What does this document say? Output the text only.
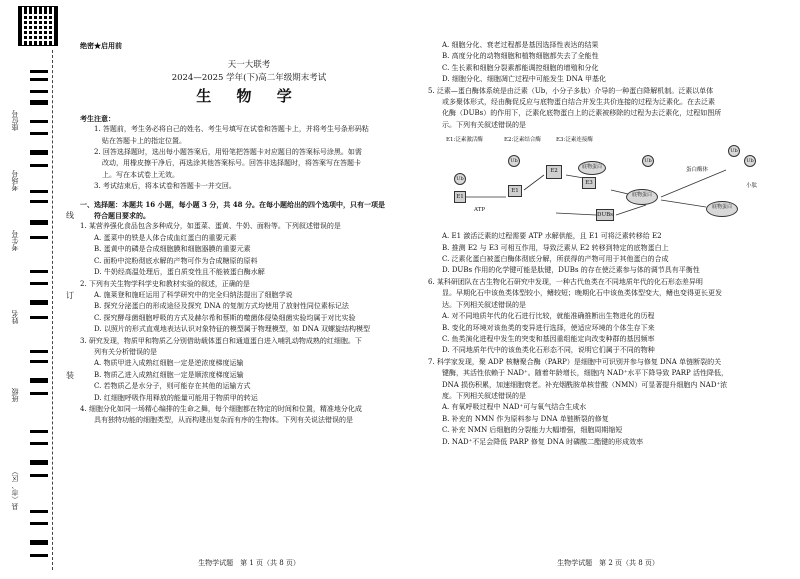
县（市、区）
班级
姓名
考生号
考场号
座位号
线
订
装
绝密★启用前
天一大联考
2024—2025 学年(下)高二年级期末考试
生 物 学
考生注意：
1. 答题前，考生务必将自己的姓名、考生号填写在试卷和答题卡上，并将考生号条形码粘
贴在答题卡上的指定位置。
2. 回答选择题时，选出每小题答案后，用铅笔把答题卡对应题目的答案标号涂黑。如需
改动，用橡皮擦干净后，再选涂其他答案标号。回答非选择题时，将答案写在答题卡
上。写在本试卷上无效。
3. 考试结束后，将本试卷和答题卡一并交回。
一、选择题：本题共 16 小题，每小题 3 分，共 48 分。在每小题给出的四个选项中，只有一项是
符合题目要求的。
1. 某营养强化食品包含多种成分，如蛋菜、蛋黄、牛奶、面粉等。下列叙述错误的是
A. 蛋菜中的铁是人体合成血红蛋白的重要元素
B. 蛋黄中的磷是合成细胞膜和细胞器膜的重要元素
C. 面粉中淀粉彻底水解的产物可作为合成糖原的原料
D. 牛奶经高温处理后，蛋白质变性且不能被蛋白酶水解
2. 下列有关生物学科学史和教材实验的叙述，正确的是
A. 施莱登和施旺运用了科学研究中的完全归纳法提出了细胞学说
B. 探究分泌蛋白的形成途径及探究 DNA 的复制方式均使用了放射性同位素标记法
C. 探究酵母菌细胞呼吸的方式及赫尔希和蔡斯的噬菌体侵染细菌实验均属于对比实验
D. 以照片的形式直观地表达认识对象特征的模型属于物理模型，如 DNA 双螺旋结构模型
3. 研究发现，物质甲和物质乙分别借助载体蛋白和通道蛋白进入哺乳动物成熟的红细胞。下
列有关分析错误的是
A. 物质甲进入成熟红细胞一定是逆浓度梯度运输
B. 物质乙进入成熟红细胞一定是顺浓度梯度运输
C. 若物质乙是水分子，则可能存在其他的运输方式
D. 红细胞呼吸作用释放的能量可能用于物质甲的转运
4. 细胞分化如同一场精心编排的生命之舞，每个细胞都在特定的时间和位置，精准地分化成
具有独特功能的细胞类型，从而构建出复杂而有序的生物体。下列有关说法错误的是
生物学试题　第 1 页（共 8 页）
A. 细胞分化、衰老过程都是基因选择性表达的结果
B. 高度分化的动物细胞和植物细胞都失去了全能性
C. 生长素和细胞分裂素都能调控细胞的增殖和分化
D. 细胞分化、细胞凋亡过程中可能发生 DNA 甲基化
5. 泛素—蛋白酶体系统是由泛素（Ub，小分子多肽）介导的一种蛋白降解机制。泛素以单体
或多聚体形式，经由酶促反应与底物蛋白结合并发生共价连接的过程为泛素化。在去泛素
化酶（DUBs）的作用下，泛素化底物蛋白上的泛素被移除的过程为去泛素化，过程如图所
示。下列有关叙述错误的是
E1:泛素激活酶	E2:泛素结合酶	E3:泛素连接酶
Ub
E1
ATP
Ub
E1
E2
底物蛋白
E3
底物蛋白
Ub
DUBs
蛋白酶体
Ub
Ub
底物蛋白
小肽
A. E1 激活泛素的过程需要 ATP 水解供能，且 E1 可将泛素转移给 E2
B. 推测 E2 与 E3 可相互作用，导致泛素从 E2 转移到特定的底物蛋白上
C. 泛素化蛋白被蛋白酶体彻底分解，所获得的产物可用于其他蛋白的合成
D. DUBs 作用的化学键可能是肽键，DUBs 的存在使泛素参与体的调节具有平衡性
6. 某科研团队在古生物化石研究中发现，一种古代鱼类在不同地质年代的化石形态差异明
显。早期化石中该鱼类体型较小，鳍较短；晚期化石中该鱼类体型变大，鳍也变得更长更发
达。下列相关叙述错误的是
A. 对不同地质年代的化石进行比较，就能准确推断出生物进化的历程
B. 变化的环境对该鱼类的变异进行选择，使适应环境的个体生存下来
C. 鱼类演化进程中发生的突变和基因重组能定向改变种群的基因频率
D. 不同地质年代中的该鱼类化石形态不同，说明它们属于不同的物种
7. 科学家发现，聚 ADP 核糖聚合酶（PARP）是细胞中可识别并参与修复 DNA 单链断裂的关
键酶，其活性依赖于 NAD⁺。随着年龄增长，细胞内 NAD⁺水平下降导致 PARP 活性降低，
DNA 损伤积累，加速细胞衰老。补充烟酰胺单核苷酸（NMN）可显著提升细胞内 NAD⁺浓
度。下列相关叙述错误的是
A. 有氧呼吸过程中 NAD⁺可与氧气结合生成水
B. 补充的 NMN 作为原料参与 DNA 单链断裂的修复
C. 补充 NMN 后细胞的分裂能力大幅增强，细胞周期缩短
D. NAD⁺不足会降低 PARP 修复 DNA 时磷酸二酯键的形成效率
生物学试题　第 2 页（共 8 页）
